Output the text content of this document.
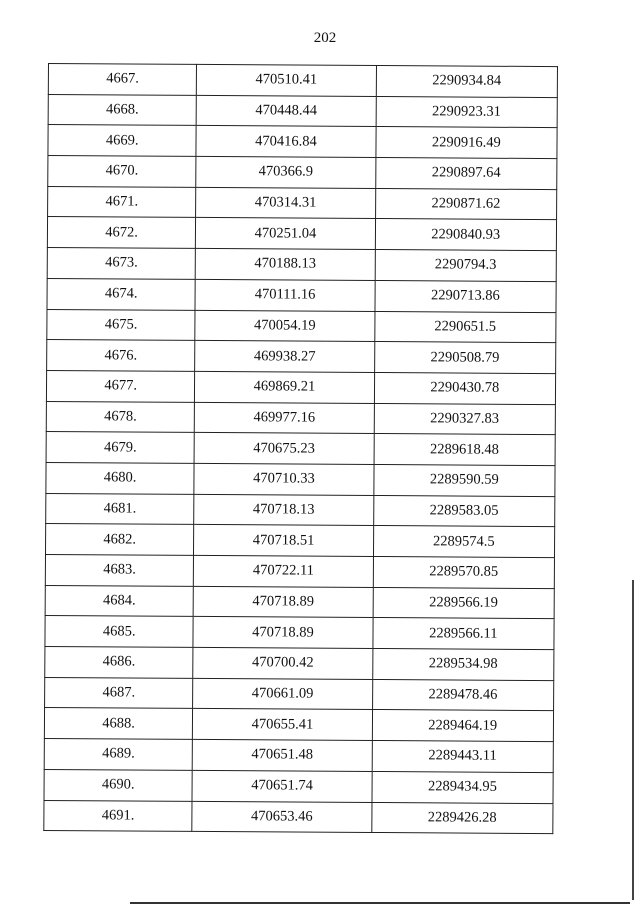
202
4667.	470510.41	2290934.84
4668.	470448.44	2290923.31
4669.	470416.84	2290916.49
4670.	470366.9	2290897.64
4671.	470314.31	2290871.62
4672.	470251.04	2290840.93
4673.	470188.13	2290794.3
4674.	470111.16	2290713.86
4675.	470054.19	2290651.5
4676.	469938.27	2290508.79
4677.	469869.21	2290430.78
4678.	469977.16	2290327.83
4679.	470675.23	2289618.48
4680.	470710.33	2289590.59
4681.	470718.13	2289583.05
4682.	470718.51	2289574.5
4683.	470722.11	2289570.85
4684.	470718.89	2289566.19
4685.	470718.89	2289566.11
4686.	470700.42	2289534.98
4687.	470661.09	2289478.46
4688.	470655.41	2289464.19
4689.	470651.48	2289443.11
4690.	470651.74	2289434.95
4691.	470653.46	2289426.28
